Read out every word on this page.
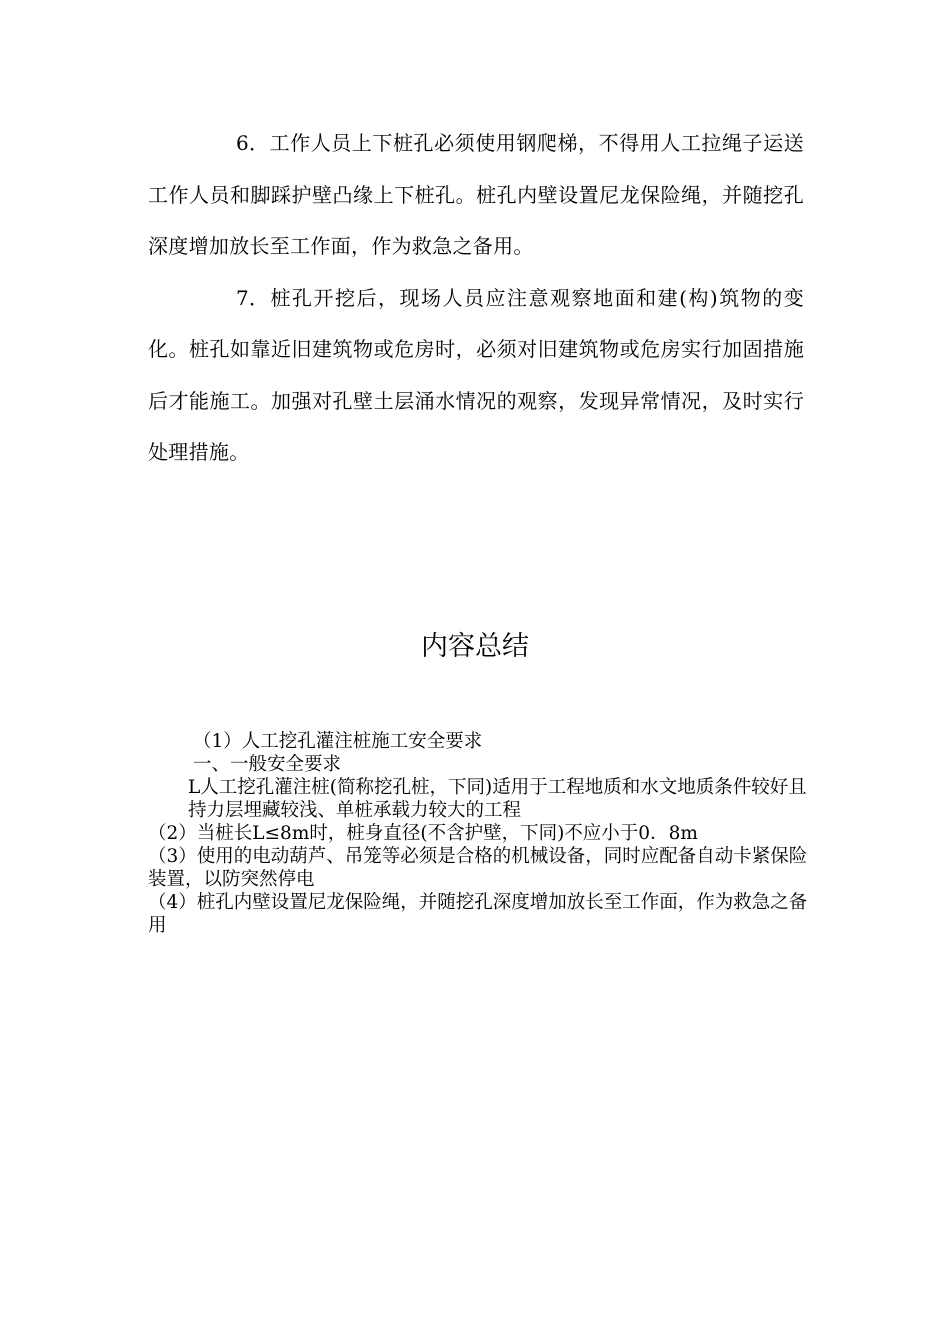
6．工作人员上下桩孔必须使用钢爬梯，不得用人工拉绳子运送工作人员和脚踩护壁凸缘上下桩孔。桩孔内壁设置尼龙保险绳，并随挖孔深度增加放长至工作面，作为救急之备用。

7．桩孔开挖后，现场人员应注意观察地面和建(构)筑物的变化。桩孔如靠近旧建筑物或危房时，必须对旧建筑物或危房实行加固措施后才能施工。加强对孔壁土层涌水情况的观察，发现异常情况，及时实行处理措施。

内容总结

（1）人工挖孔灌注桩施工安全要求

一、一般安全要求

L人工挖孔灌注桩(简称挖孔桩，下同)适用于工程地质和水文地质条件较好且持力层埋藏较浅、单桩承载力较大的工程

（2）当桩长L≤8m时，桩身直径(不含护壁，下同)不应小于0．8m

（3）使用的电动葫芦、吊笼等必须是合格的机械设备，同时应配备自动卡紧保险装置，以防突然停电

（4）桩孔内壁设置尼龙保险绳，并随挖孔深度增加放长至工作面，作为救急之备用
